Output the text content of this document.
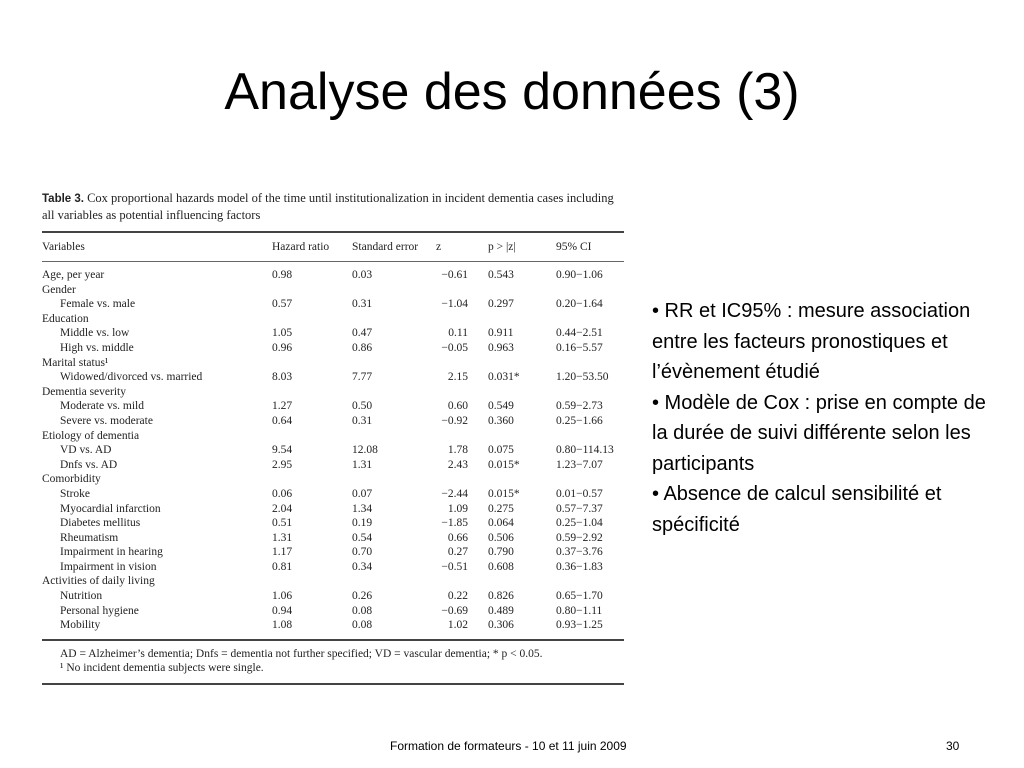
Analyse des données (3)

Table 3. Cox proportional hazards model of the time until institutionalization in incident dementia cases including all variables as potential influencing factors

Variables	Hazard ratio	Standard error	z	p > |z|	95% CI
Age, per year	0.98	0.03	−0.61	0.543	0.90−1.06
Gender					
Female vs. male	0.57	0.31	−1.04	0.297	0.20−1.64
Education					
Middle vs. low	1.05	0.47	0.11	0.911	0.44−2.51
High vs. middle	0.96	0.86	−0.05	0.963	0.16−5.57
Marital status¹					
Widowed/divorced vs. married	8.03	7.77	2.15	0.031*	1.20−53.50
Dementia severity					
Moderate vs. mild	1.27	0.50	0.60	0.549	0.59−2.73
Severe vs. moderate	0.64	0.31	−0.92	0.360	0.25−1.66
Etiology of dementia					
VD vs. AD	9.54	12.08	1.78	0.075	0.80−114.13
Dnfs vs. AD	2.95	1.31	2.43	0.015*	1.23−7.07
Comorbidity					
Stroke	0.06	0.07	−2.44	0.015*	0.01−0.57
Myocardial infarction	2.04	1.34	1.09	0.275	0.57−7.37
Diabetes mellitus	0.51	0.19	−1.85	0.064	0.25−1.04
Rheumatism	1.31	0.54	0.66	0.506	0.59−2.92
Impairment in hearing	1.17	0.70	0.27	0.790	0.37−3.76
Impairment in vision	0.81	0.34	−0.51	0.608	0.36−1.83
Activities of daily living					
Nutrition	1.06	0.26	0.22	0.826	0.65−1.70
Personal hygiene	0.94	0.08	−0.69	0.489	0.80−1.11
Mobility	1.08	0.08	1.02	0.306	0.93−1.25
AD = Alzheimer’s dementia; Dnfs = dementia not further specified; VD = vascular dementia; * p < 0.05.
¹ No incident dementia subjects were single.
• RR et IC95% : mesure association entre les facteurs pronostiques et l’évènement étudié
• Modèle de Cox : prise en compte de la durée de suivi différente selon les participants
• Absence de calcul sensibilité et spécificité
Formation de formateurs - 10 et 11 juin 2009	30
